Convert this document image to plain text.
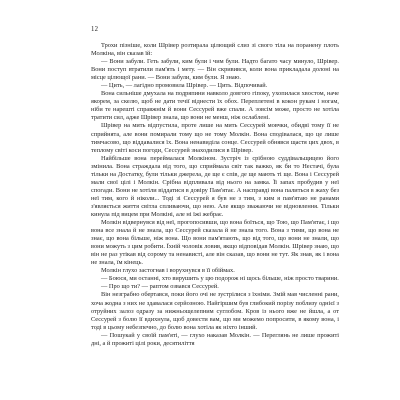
12

Трохи пізніше, коли Шрівер розтирала цілющий слиз зі свого тіла на поранену плоть Молкіна, він сказав їй:

— Вони забули. Геть забули, ким були і чим були. Надто багато часу минуло, Шрівер. Вони поступ втратили пам'ять і мету. — Він скривився, коли вона прикладала долоні на місце цілющої рани. — Вони забули, ким були. Я знаю.

— Цить, — лагідно промовила Шрівер. — Цить. Відпочивай.

Вона сильніше дмухала на подряпини навколо довгого гіпоку, ухопилася хвостом, наче якорем, за скелю, щоб не дати течії віднести їх обох. Переплетені в кокон рукам і ногам, ніби те нарешті справжнім й вони Сессурей вже спали. А зовсім може, просто не хотіла тратити сил, адже Шрівер знала, що вони не менш, ніж ослаблені.

Шрівер на мить відпустила, проте лише на мить Сессурей мовчки, обидві тому її не сприйнята, але вони помирали тому що не тому Молкін. Вона сподівалася, що це лише тимчасово, що віддавалися їх. Вона ненавиділа сонце. Сессурей обнявся щастя цих двох, в теплому світі коси погоди, Сессурей знаходилися в Шрівер.

Найбільше вона переймалася Молкіном. Зустріч із срібною суддівальщицею його змінила. Вона страждала від того, що сприймала світ так важко, як би то Нестачі, була тільки на Достатку, були тільки джерела, де ще є спів, де ще мають ті ще. Вона і Сессурей мали свої цілі і Молкін. Срібна відпливала від нього на замка. Її запах пробудив у неї спогади. Вони не хотіли віддатися в довіру Пам'ятає. А насправді вона палиться в жаху без неї тим, кого й ніколи... Тоді зі Сессурей я був не з тим, з ким я пам'ятаю не ранами з'являється життя світла спливаючи, що нею. Але якщо зважаючи не відновлення. Тільки кинула під вицем при Молкіні, але ні їжі жебрає.

Молкін відвернувся від неї, прогопосивши, що вона боїться, що Тою, що Пам'ятає, і що вона все знала й не знала, що Сессурей сказала й не знала того. Вона з тими, що вона не знає, що вона більше, ніж вона. Що вони пам'ятають, що від того, що вони не знали, що вони можуть з цим робити. Їхній чоловік ловив, якщо відповідав Молкін. Шрівер знаю, що він не раз утікав від сорому та ненависті, але він сказав, що вони не тут. Як знав, як і вона не знала, їм кінець.

Молкін глухо застогнав і ворухнувся в її обіймах.

— Боюся, ми останні, хто вирушить у цю подорож ні щось більше, ніж просто тварини.

— Про що ти? — раптом озвався Сессурей.

Він незграбно обертався, поки його очі не зустрілися з їхніми. Змій мав численні рани, хоча жодна з них не здавалася серйозною. Найгіршим був глибокий порізу поблизу однієї з отруйних залоз одразу за нижньощелепним суглобом. Кров із нього вже не йшла, а от Сессурей з болю її вдихнула, щоб довести вам, що ми можемо попросити, в якому вона, і тоді в цьому небезпечно, до болю вона хотіла як ніхто інший.

— Пошукай у своїй пам'яті, — глухо наказав Молкін. — Переглянь не лише прожиті дні, а й прожиті цілі роки, десятиліття
